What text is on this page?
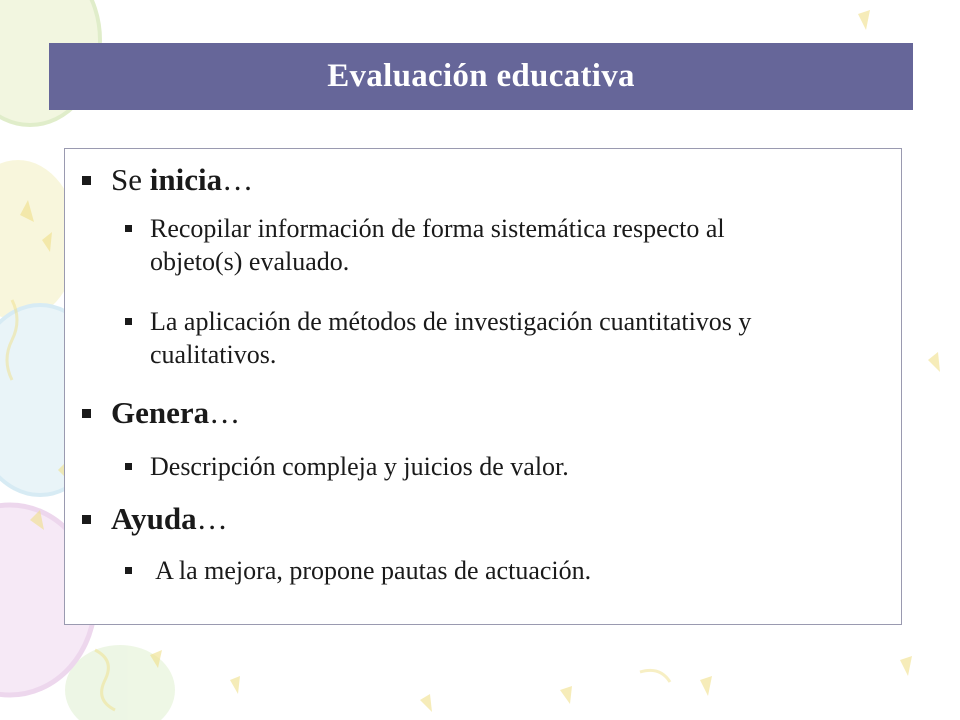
Evaluación educativa
Se inicia…
Recopilar información de forma sistemática respecto al objeto(s) evaluado.
La aplicación de métodos de investigación cuantitativos y cualitativos.
Genera…
Descripción compleja y juicios de valor.
Ayuda…
A la mejora, propone pautas de actuación.
